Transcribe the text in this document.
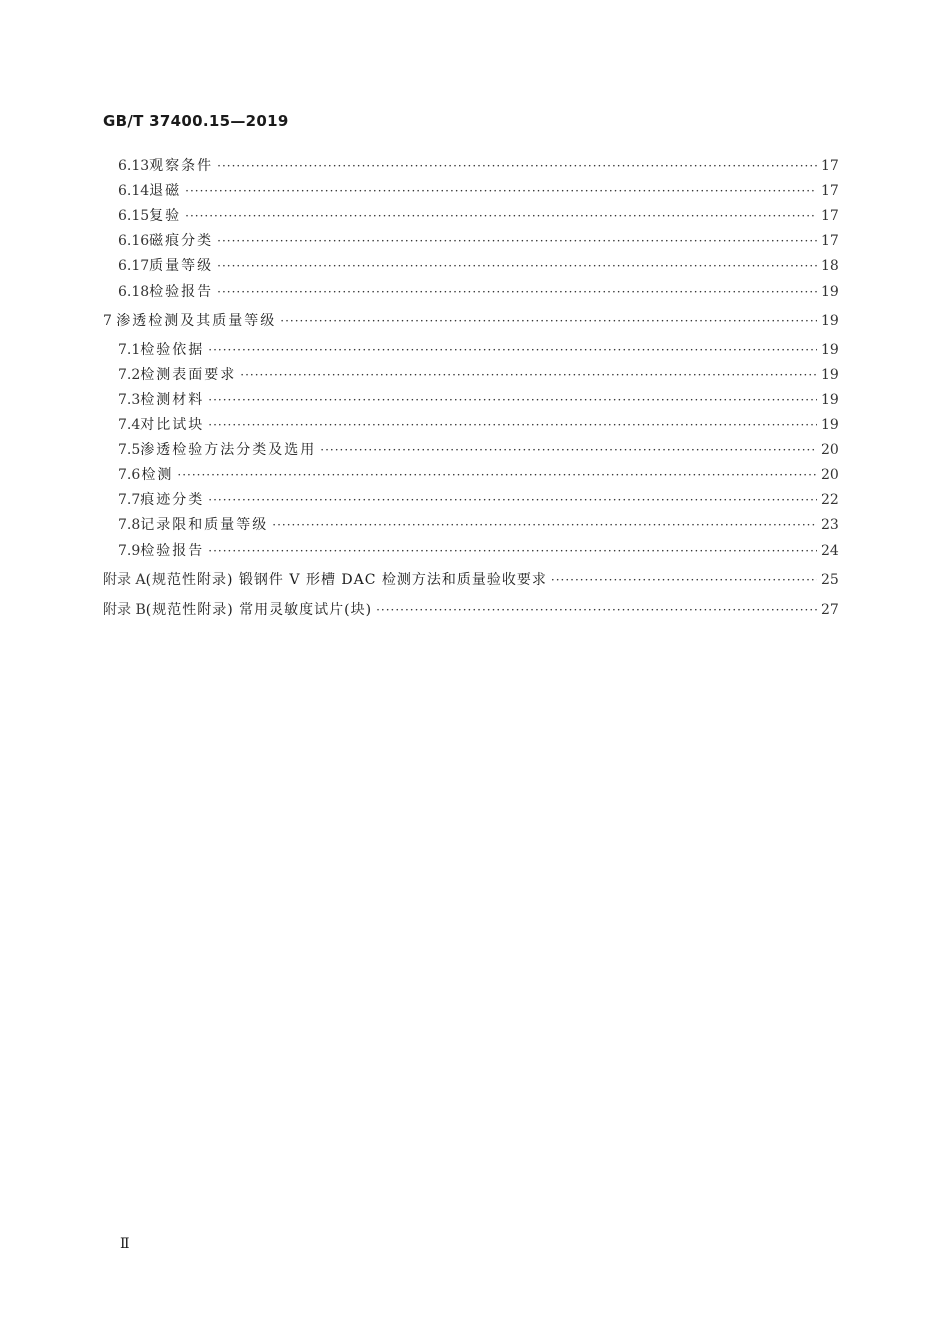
GB/T 37400.15—2019
6.13 观察条件 ·····	17
6.14 退磁 ·····	17
6.15 复验 ·····	17
6.16 磁痕分类 ·····	17
6.17 质量等级 ·····	18
6.18 检验报告 ·····	19
7 渗透检测及其质量等级 ·····	19
7.1 检验依据 ·····	19
7.2 检测表面要求 ·····	19
7.3 检测材料 ·····	19
7.4 对比试块 ·····	19
7.5 渗透检验方法分类及选用 ·····	20
7.6 检测 ·····	20
7.7 痕迹分类 ·····	22
7.8 记录限和质量等级 ·····	23
7.9 检验报告 ·····	24
附录 A (规范性附录) 锻钢件 V 形槽 DAC 检测方法和质量验收要求 ·····	25
附录 B (规范性附录) 常用灵敏度试片(块) ·····	27
Ⅱ
